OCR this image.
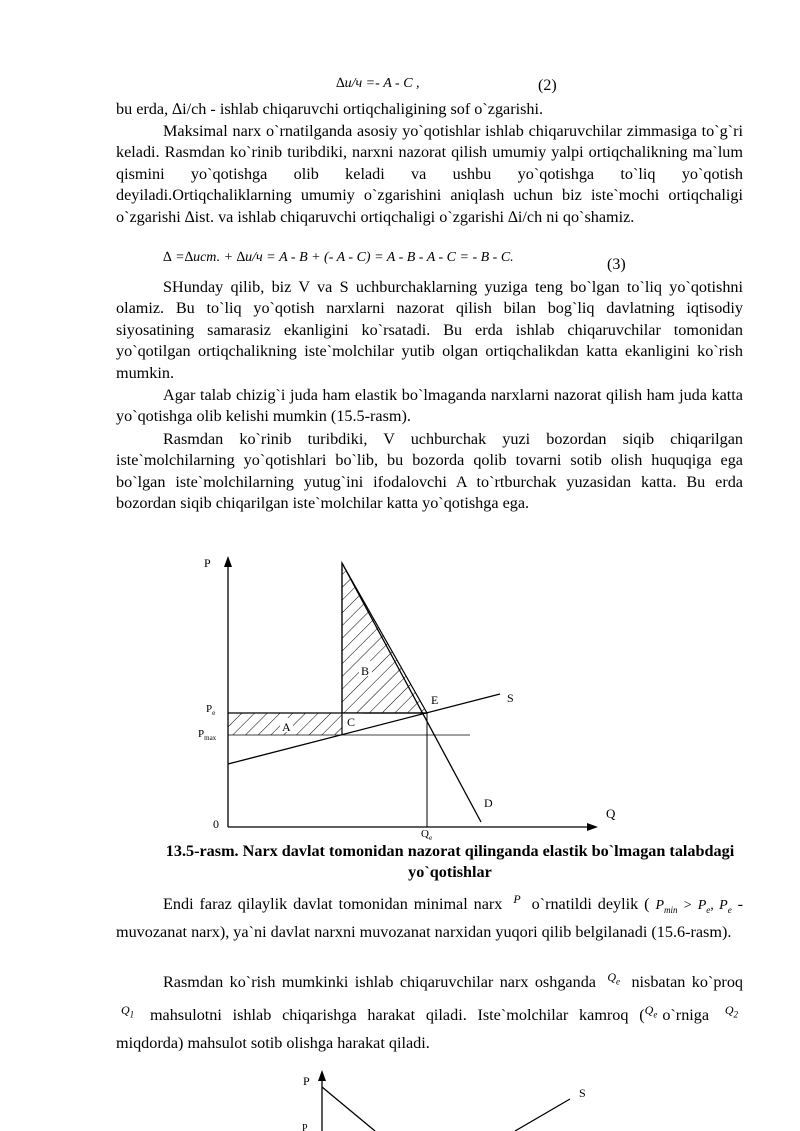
∆и/ч =- A - C ,	(2)

bu erda, ∆i/ch - ishlab chiqaruvchi ortiqchaligining sof o`zgarishi.

Maksimal narx o`rnatilganda asosiy yo`qotishlar ishlab chiqaruvchilar zimmasiga to`g`ri keladi. Rasmdan ko`rinib turibdiki, narxni nazorat qilish umumiy yalpi ortiqchalikning ma`lum qismini yo`qotishga olib keladi va ushbu yo`qotishga to`liq yo`qotish deyiladi.Ortiqchaliklarning umumiy o`zgarishini aniqlash uchun biz iste`mochi ortiqchaligi o`zgarishi ∆ist. va ishlab chiqaruvchi ortiqchaligi o`zgarishi ∆i/ch ni qo`shamiz.

∆ =∆ист. + ∆и/ч = A - B + (- A - C) = A - B - A - C = - B - C.	(3)

SHunday qilib, biz V va S uchburchaklarning yuziga teng bo`lgan to`liq yo`qotishni olamiz. Bu to`liq yo`qotish narxlarni nazorat qilish bilan bog`liq davlatning iqtisodiy siyosatining samarasiz ekanligini ko`rsatadi. Bu erda ishlab chiqaruvchilar tomonidan yo`qotilgan ortiqchalikning iste`molchilar yutib olgan ortiqchalikdan katta ekanligini ko`rish mumkin.

Agar talab chizig`i juda ham elastik bo`lmaganda narxlarni nazorat qilish ham juda katta yo`qotishga olib kelishi mumkin (15.5-rasm).

Rasmdan ko`rinib turibdiki, V uchburchak yuzi bozordan siqib chiqarilgan iste`molchilarning yo`qotishlari bo`lib, bu bozorda qolib tovarni sotib olish huquqiga ega bo`lgan iste`molchilarning yutug`ini ifodalovchi A to`rtburchak yuzasidan katta. Bu erda bozordan siqib chiqarilgan iste`molchilar katta yo`qotishga ega.

P
Q
0
$P_e$
$P_{max}$
$Q_e$
A
B
C
E	S
D
13.5-rasm. Narx davlat tomonidan nazorat qilinganda elastik bo`lmagan talabdagi yo`qotishlar
Endi faraz qilaylik davlat tomonidan minimal narx $^P$ o`rnatildi deylik ( $P_{min} > P_e$, $P_e$ - muvozanat narx), ya`ni davlat narxni muvozanat narxidan yuqori qilib belgilanadi (15.6-rasm).
Rasmdan ko`rish mumkinki ishlab chiqaruvchilar narx oshganda $^{Q_e}$ nisbatan ko`proq $^{Q_1}$ mahsulotni ishlab chiqarishga harakat qiladi. Iste`molchilar kamroq ($^{Q_e}$ o`rniga $^{Q_2}$ miqdorda) mahsulot sotib olishga harakat qiladi.
P
S
P
